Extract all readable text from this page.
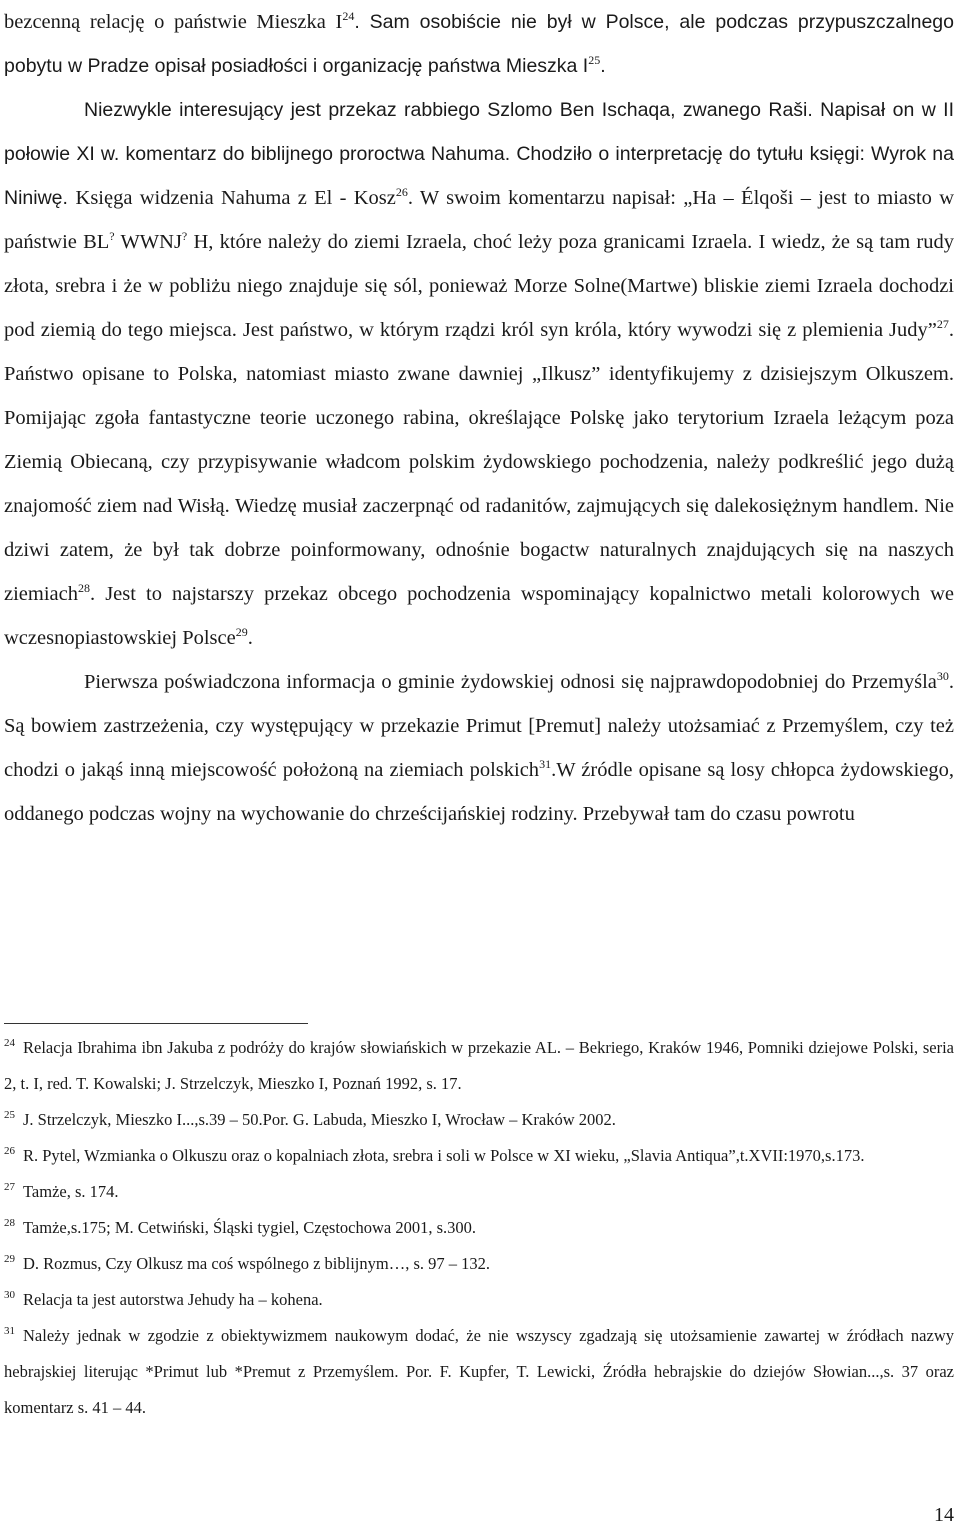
bezcenną relację o państwie Mieszka $I^{24}$. Sam osobiście nie był w Polsce, ale podczas przypuszczalnego pobytu w Pradze opisał posiadłości i organizację państwa Mieszka $I^{25}$.

Niezwykle interesujący jest przekaz rabbiego Szlomo Ben Ischaqa, zwanego Raši. Napisał on w II połowie XI w. komentarz do biblijnego proroctwa Nahuma. Chodziło o interpretację do tytułu księgi: Wyrok na Niniwę. Księga widzenia Nahuma z El - Kosz$^{26}$. W swoim komentarzu napisał: „Ha – Élqoši – jest to miasto w państwie BL? WWNJ? H, które należy do ziemi Izraela, choć leży poza granicami Izraela. I wiedz, że są tam rudy złota, srebra i że w pobliżu niego znajduje się sól, ponieważ Morze Solne(Martwe) bliskie ziemi Izraela dochodzi pod ziemią do tego miejsca. Jest państwo, w którym rządzi król syn króla, który wywodzi się z plemienia Judy”$^{27}$. Państwo opisane to Polska, natomiast miasto zwane dawniej „Ilkusz” identyfikujemy z dzisiejszym Olkuszem. Pomijając zgoła fantastyczne teorie uczonego rabina, określające Polskę jako terytorium Izraela leżącym poza Ziemią Obiecaną, czy przypisywanie władcom polskim żydowskiego pochodzenia, należy podkreślić jego dużą znajomość ziem nad Wisłą. Wiedzę musiał zaczerpnąć od radanitów, zajmujących się dalekosiężnym handlem. Nie dziwi zatem, że był tak dobrze poinformowany, odnośnie bogactw naturalnych znajdujących się na naszych ziemiach$^{28}$. Jest to najstarszy przekaz obcego pochodzenia wspominający kopalnictwo metali kolorowych we wczesnopiastowskiej Polsce$^{29}$.

Pierwsza poświadczona informacja o gminie żydowskiej odnosi się najprawdopodobniej do Przemyśla$^{30}$. Są bowiem zastrzeżenia, czy występujący w przekazie Primut [Premut] należy utożsamiać z Przemyślem, czy też chodzi o jakąś inną miejscowość położoną na ziemiach polskich$^{31}$.W źródle opisane są losy chłopca żydowskiego, oddanego podczas wojny na wychowanie do chrześcijańskiej rodziny. Przebywał tam do czasu powrotu

$^{24}$ Relacja Ibrahima ibn Jakuba z podróży do krajów słowiańskich w przekazie AL. – Bekriego, Kraków 1946, Pomniki dziejowe Polski, seria 2, t. I, red. T. Kowalski; J. Strzelczyk, Mieszko I, Poznań 1992, s. 17.

$^{25}$ J. Strzelczyk, Mieszko I...,s.39 – 50.Por. G. Labuda, Mieszko I, Wrocław – Kraków 2002.

$^{26}$ R. Pytel, Wzmianka o Olkuszu oraz o kopalniach złota, srebra i soli w Polsce w XI wieku, „Slavia Antiqua”,t.XVII:1970,s.173.

$^{27}$ Tamże, s. 174.

$^{28}$ Tamże,s.175; M. Cetwiński, Śląski tygiel, Częstochowa 2001, s.300.

$^{29}$ D. Rozmus, Czy Olkusz ma coś wspólnego z biblijnym…, s. 97 – 132.

$^{30}$ Relacja ta jest autorstwa Jehudy ha – kohena.

$^{31}$ Należy jednak w zgodzie z obiektywizmem naukowym dodać, że nie wszyscy zgadzają się utożsamienie zawartej w źródłach nazwy hebrajskiej literując *Primut lub *Premut z Przemyślem. Por. F. Kupfer, T. Lewicki, Źródła hebrajskie do dziejów Słowian...,s. 37 oraz komentarz s. 41 – 44.

14
